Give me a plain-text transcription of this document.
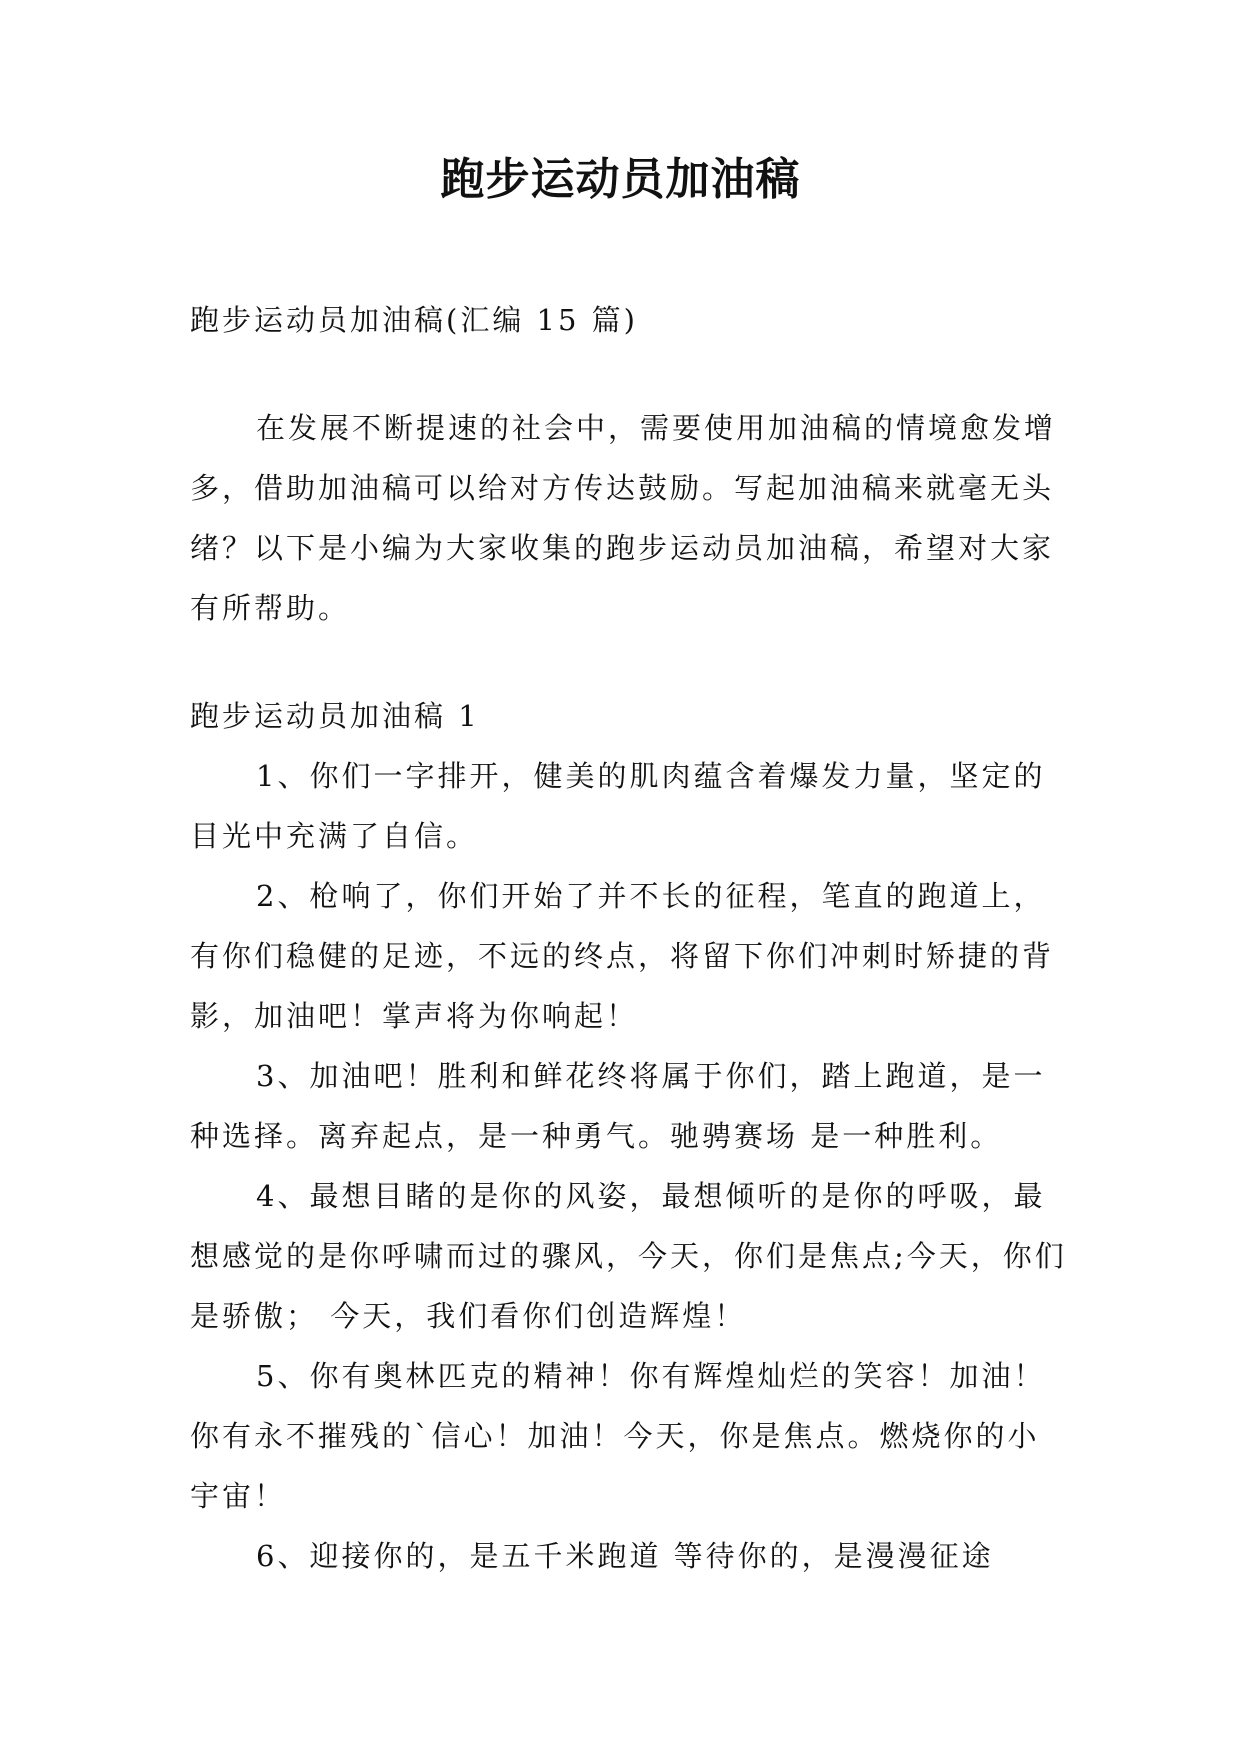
跑步运动员加油稿

跑步运动员加油稿(汇编 15 篇)

在发展不断提速的社会中，需要使用加油稿的情境愈发增多，借助加油稿可以给对方传达鼓励。写起加油稿来就毫无头绪？以下是小编为大家收集的跑步运动员加油稿，希望对大家有所帮助。

跑步运动员加油稿 1

1、你们一字排开，健美的肌肉蕴含着爆发力量，坚定的目光中充满了自信。

2、枪响了，你们开始了并不长的征程，笔直的跑道上，有你们稳健的足迹，不远的终点，将留下你们冲刺时矫捷的背影，加油吧！掌声将为你响起！

3、加油吧！胜利和鲜花终将属于你们，踏上跑道，是一种选择。离弃起点，是一种勇气。驰骋赛场 是一种胜利。

4、最想目睹的是你的风姿，最想倾听的是你的呼吸，最想感觉的是你呼啸而过的骤风，今天，你们是焦点;今天，你们是骄傲； 今天，我们看你们创造辉煌！

5、你有奥林匹克的精神！你有辉煌灿烂的笑容！加油！你有永不摧残的`信心！加油！今天，你是焦点。燃烧你的小宇宙！

6、迎接你的，是五千米跑道 等待你的，是漫漫征途
